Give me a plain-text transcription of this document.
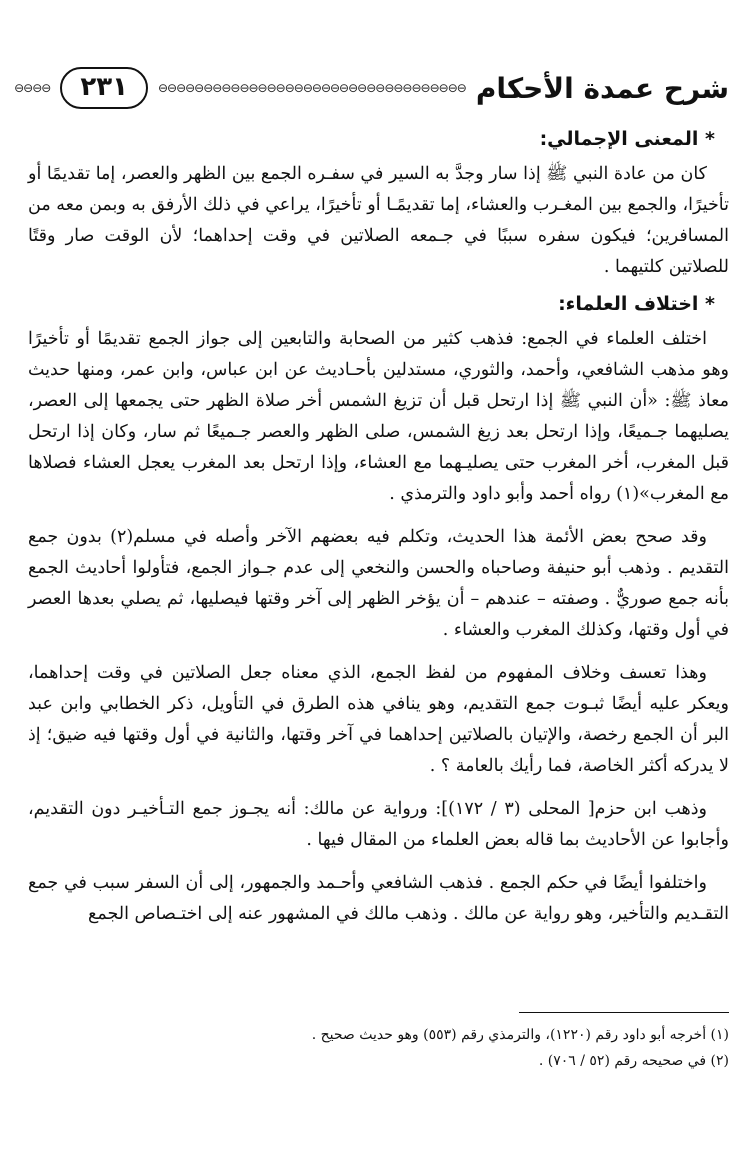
شرح عمدة الأحكام
⊖⊖⊖⊖⊖⊖⊖⊖⊖⊖⊖⊖⊖⊖⊖⊖⊖⊖⊖⊖⊖⊖⊖⊖⊖⊖⊖⊖⊖⊖⊖⊖⊖⊖
٢٣١
⊖⊖⊖⊖
* المعنى الإجمالي:

كان من عادة النبي ﷺ إذا سار وجدَّ به السير في سفـره الجمع بين الظهر والعصر، إما تقديمًا أو تأخيرًا، والجمع بين المغـرب والعشاء، إما تقديمًـا أو تأخيرًا، يراعي في ذلك الأرفق به وبمن معه من المسافرين؛ فيكون سفره سببًا في جـمعه الصلاتين في وقت إحداهما؛ لأن الوقت صار وقتًا للصلاتين كلتيهما .

* اختلاف العلماء:

اختلف العلماء في الجمع: فذهب كثير من الصحابة والتابعين إلى جواز الجمع تقديمًا أو تأخيرًا وهو مذهب الشافعي، وأحمد، والثوري، مستدلين بأحـاديث عن ابن عباس، وابن عمر، ومنها حديث معاذ ﷺ: «أن النبي ﷺ إذا ارتحل قبل أن تزيغ الشمس أخر صلاة الظهر حتى يجمعها إلى العصر، يصليهما جـميعًا، وإذا ارتحل بعد زيغ الشمس، صلى الظهر والعصر جـميعًا ثم سار، وكان إذا ارتحل قبل المغرب، أخر المغرب حتى يصليـهما مع العشاء، وإذا ارتحل بعد المغرب يعجل العشاء فصلاها مع المغرب»(١) رواه أحمد وأبو داود والترمذي .

وقد صحح بعض الأئمة هذا الحديث، وتكلم فيه بعضهم الآخر وأصله في مسلم(٢) بدون جمع التقديم . وذهب أبو حنيفة وصاحباه والحسن والنخعي إلى عدم جـواز الجمع، فتأولوا أحاديث الجمع بأنه جمع صوريٌّ . وصفته – عندهم – أن يؤخر الظهر إلى آخر وقتها فيصليها، ثم يصلي بعدها العصر في أول وقتها، وكذلك المغرب والعشاء .

وهذا تعسف وخلاف المفهوم من لفظ الجمع، الذي معناه جعل الصلاتين في وقت إحداهما، ويعكر عليه أيضًا ثبـوت جمع التقديم، وهو ينافي هذه الطرق في التأويل، ذكر الخطابي وابن عبد البر أن الجمع رخصة، والإتيان بالصلاتين إحداهما في آخر وقتها، والثانية في أول وقتها فيه ضيق؛ إذ لا يدركه أكثر الخاصة، فما رأيك بالعامة ؟ .

وذهب ابن حزم[ المحلى (٣ / ١٧٢)]: ورواية عن مالك: أنه يجـوز جمع التـأخيـر دون التقديم، وأجابوا عن الأحاديث بما قاله بعض العلماء من المقال فيها .

واختلفوا أيضًا في حكم الجمع . فذهب الشافعي وأحـمد والجمهور، إلى أن السفر سبب في جمع التقـديم والتأخير، وهو رواية عن مالك . وذهب مالك في المشهور عنه إلى اختـصاص الجمع

(١) أخرجه أبو داود رقم (١٢٢٠)، والترمذي رقم (٥٥٣) وهو حديث صحيح .

(٢) في صحيحه رقم (٥٢ / ٧٠٦) .
